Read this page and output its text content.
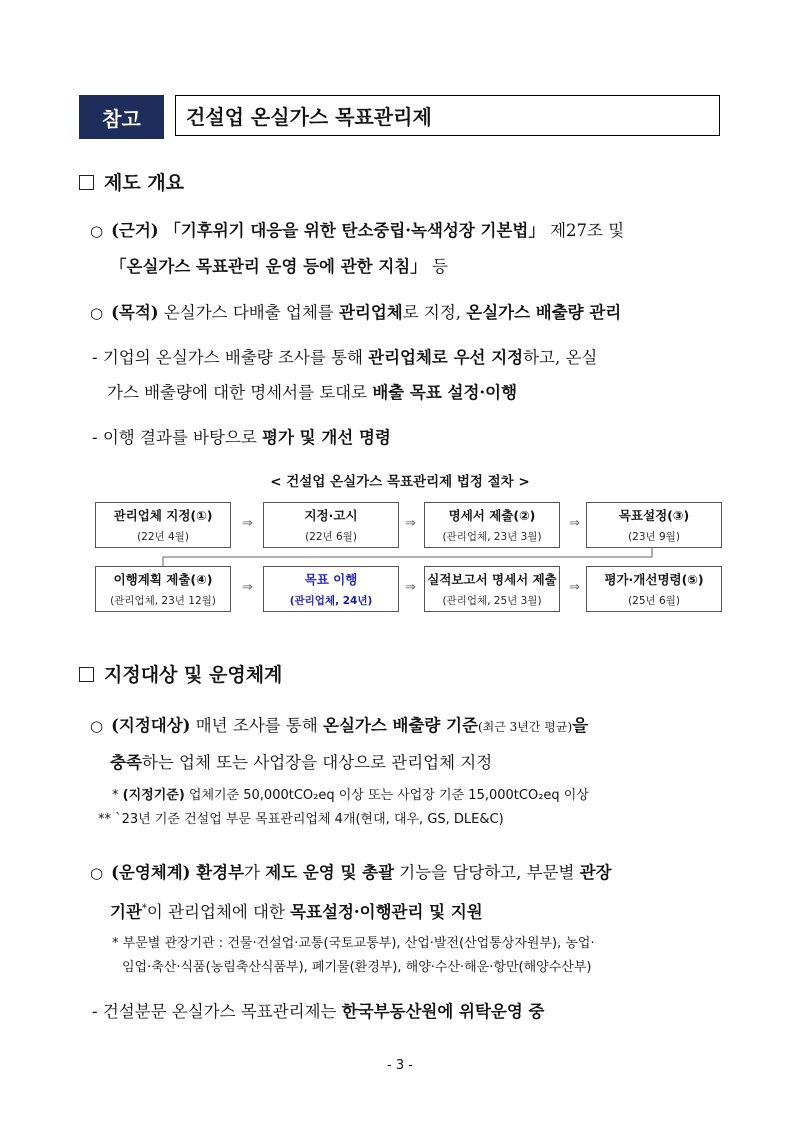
참고	건설업 온실가스 목표관리제
제도 개요
○ (근거) 「기후위기 대응을 위한 탄소중립·녹색성장 기본법」 제27조 및
「온실가스 목표관리 운영 등에 관한 지침」 등
○ (목적) 온실가스 다배출 업체를 관리업체로 지정, 온실가스 배출량 관리
- 기업의 온실가스 배출량 조사를 통해 관리업체로 우선 지정하고, 온실
가스 배출량에 대한 명세서를 토대로 배출 목표 설정·이행
- 이행 결과를 바탕으로 평가 및 개선 명령
< 건설업 온실가스 목표관리제 법정 절차 >
관리업체 지정(①)
(22년 4월)
⇒
지정·고시
(22년 6월)
⇒
명세서 제출(②)
(관리업체, 23년 3월)
⇒
목표설정(③)
(23년 9월)
이행계획 제출(④)
(관리업체, 23년 12월)
⇒
목표 이행
(관리업체, 24년)
⇒
실적보고서 명세서 제출
(관리업체, 25년 3월)
⇒
평가·개선명령(⑤)
(25년 6월)
지정대상 및 운영체계
○ (지정대상) 매년 조사를 통해 온실가스 배출량 기준(최근 3년간 평균)을
충족하는 업체 또는 사업장을 대상으로 관리업체 지정
* (지정기준) 업체기준 50,000tCO₂eq 이상 또는 사업장 기준 15,000tCO₂eq 이상
** `23년 기준 건설업 부문 목표관리업체 4개(현대, 대우, GS, DLE&C)
○ (운영체계) 환경부가 제도 운영 및 총괄 기능을 담당하고, 부문별 관장
기관*이 관리업체에 대한 목표설정·이행관리 및 지원
* 부문별 관장기관 : 건물·건설업·교통(국토교통부), 산업·발전(산업통상자원부), 농업·
임업·축산·식품(농림축산식품부), 폐기물(환경부), 해양·수산·해운·항만(해양수산부)
- 건설분문 온실가스 목표관리제는 한국부동산원에 위탁운영 중
- 3 -
